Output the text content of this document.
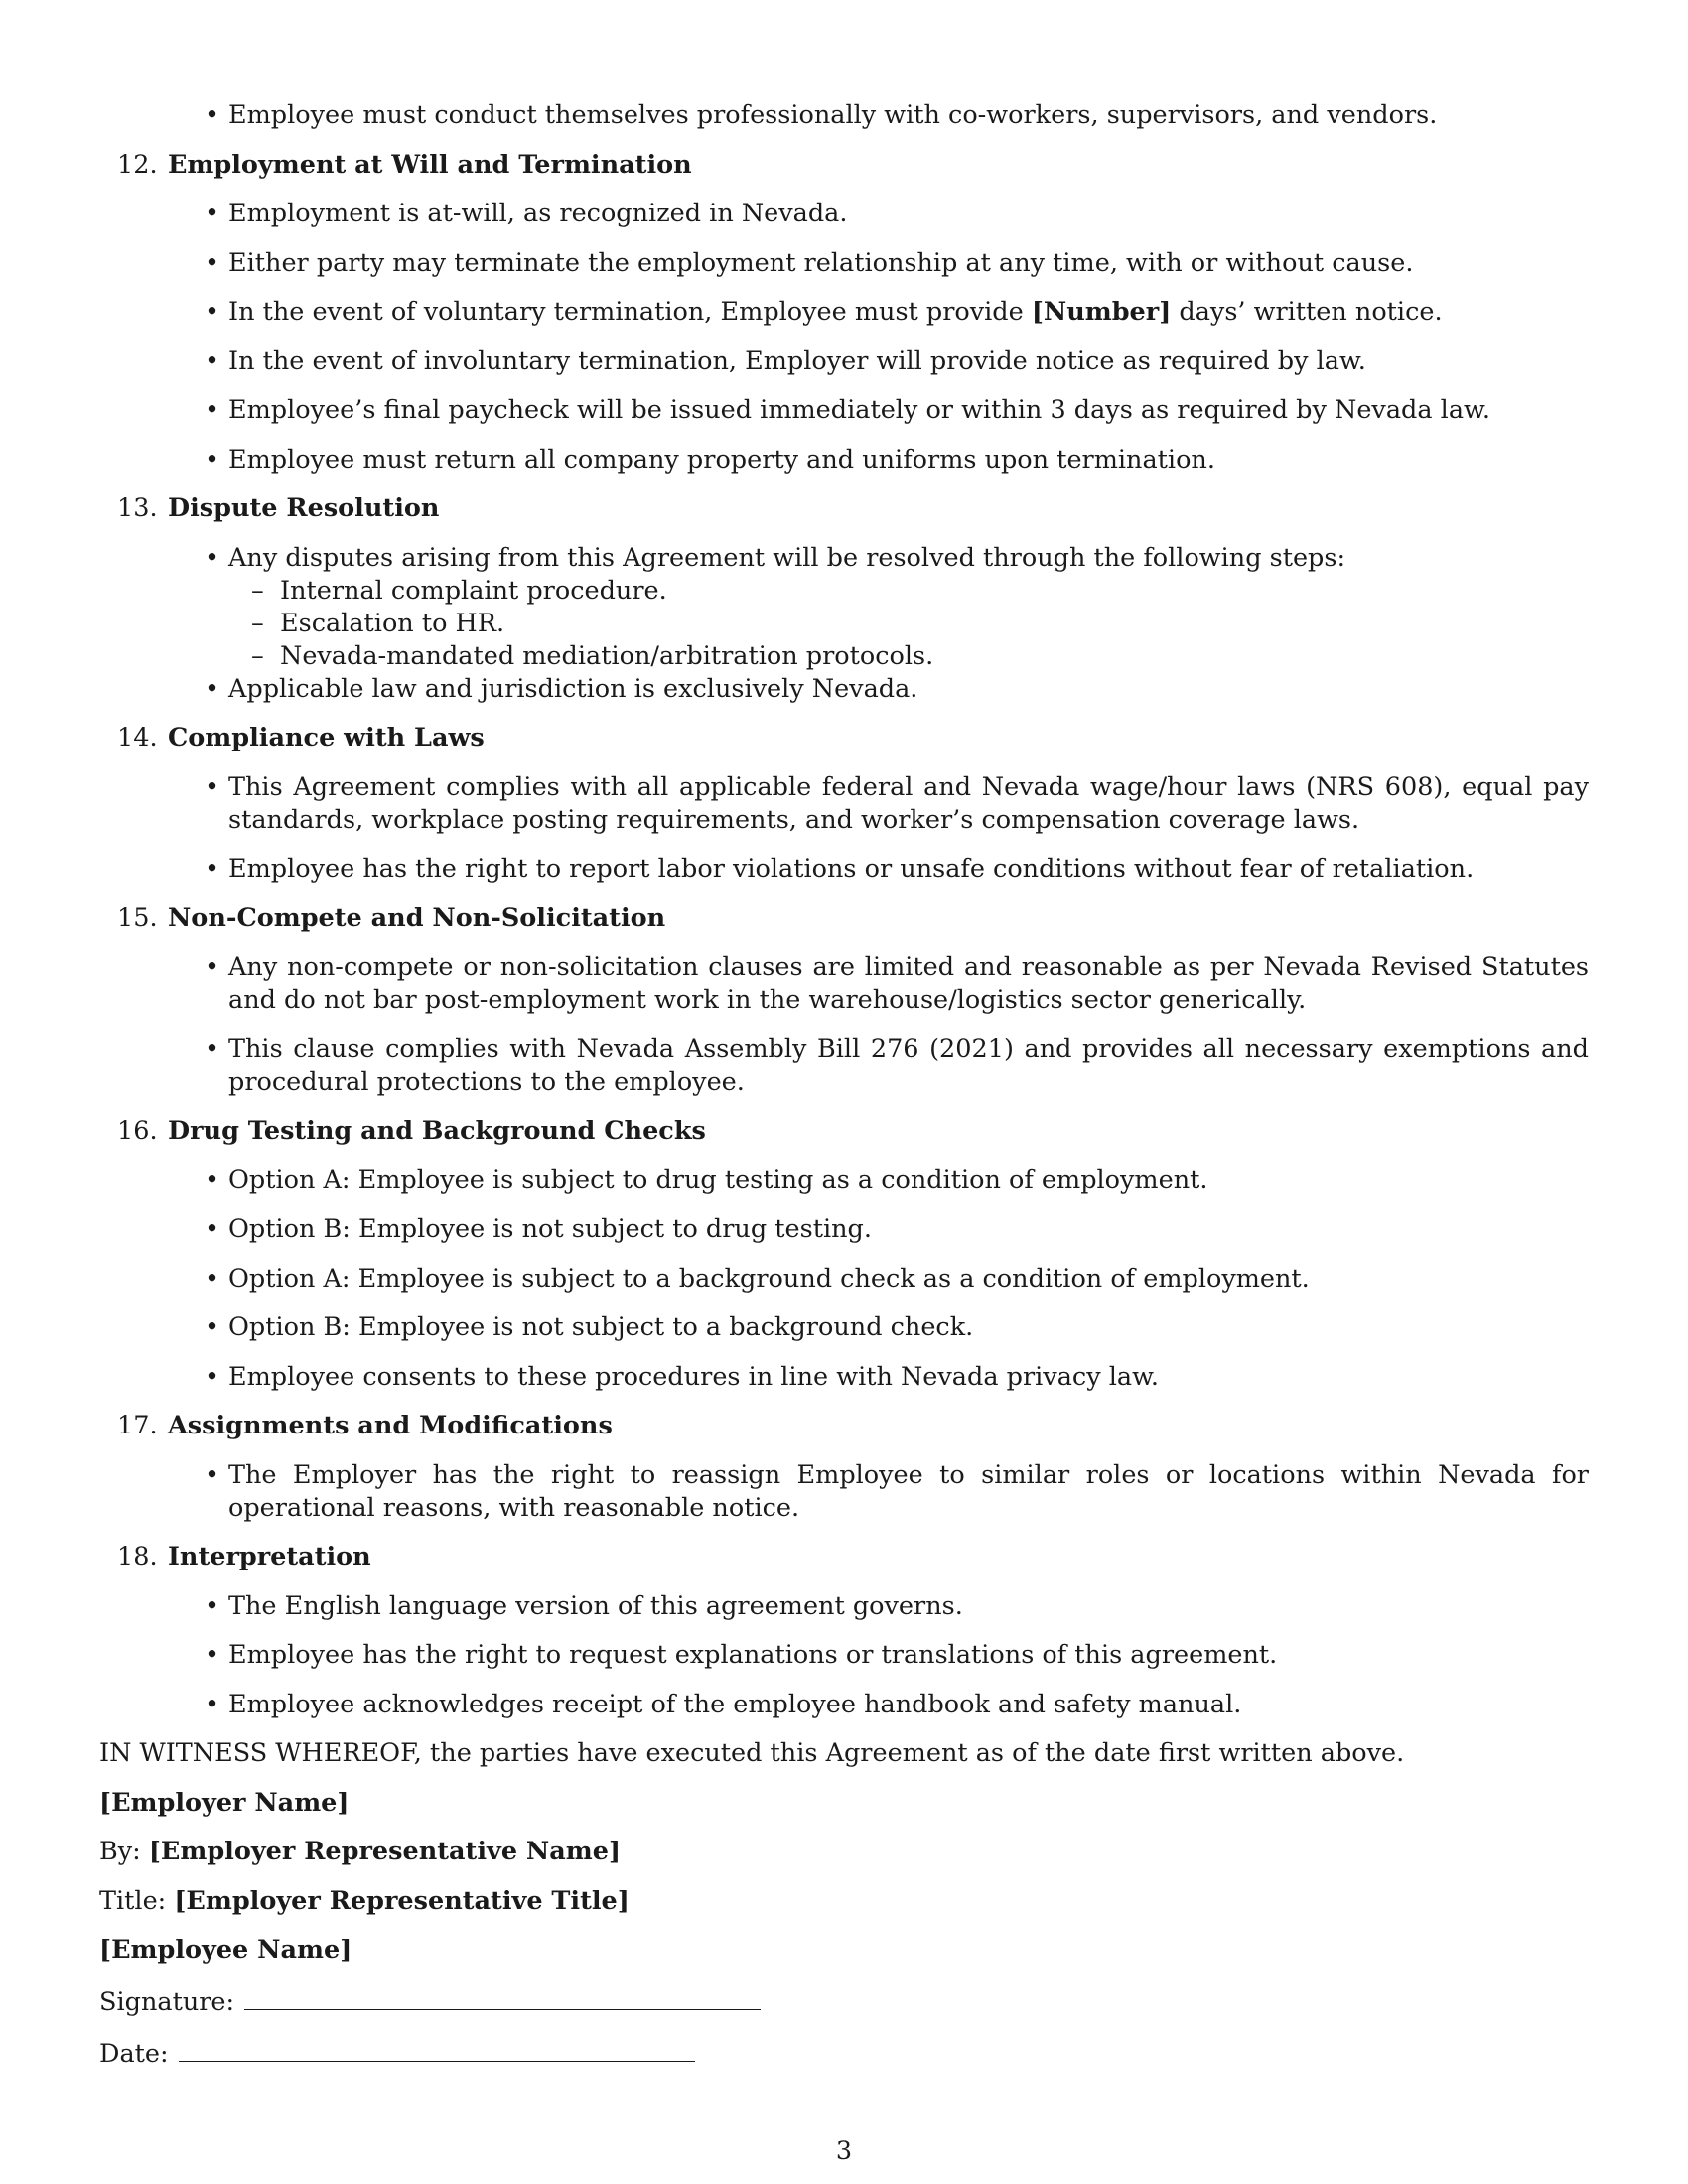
• Employee must conduct themselves professionally with co-workers, supervisors, and vendors.

12. Employment at Will and Termination

• Employment is at-will, as recognized in Nevada.

• Either party may terminate the employment relationship at any time, with or without cause.

• In the event of voluntary termination, Employee must provide [Number] days’ written notice.

• In the event of involuntary termination, Employer will provide notice as required by law.

• Employee’s final paycheck will be issued immediately or within 3 days as required by Nevada law.

• Employee must return all company property and uniforms upon termination.

13. Dispute Resolution

• Any disputes arising from this Agreement will be resolved through the following steps:

– Internal complaint procedure.

– Escalation to HR.

– Nevada-mandated mediation/arbitration protocols.

• Applicable law and jurisdiction is exclusively Nevada.

14. Compliance with Laws

• This Agreement complies with all applicable federal and Nevada wage/hour laws (NRS 608), equal pay standards, workplace posting requirements, and worker’s compensation coverage laws.

• Employee has the right to report labor violations or unsafe conditions without fear of retaliation.

15. Non-Compete and Non-Solicitation

• Any non-compete or non-solicitation clauses are limited and reasonable as per Nevada Revised Statutes and do not bar post-employment work in the warehouse/logistics sector generically.

• This clause complies with Nevada Assembly Bill 276 (2021) and provides all necessary exemptions and procedural protections to the employee.

16. Drug Testing and Background Checks

• Option A: Employee is subject to drug testing as a condition of employment.

• Option B: Employee is not subject to drug testing.

• Option A: Employee is subject to a background check as a condition of employment.

• Option B: Employee is not subject to a background check.

• Employee consents to these procedures in line with Nevada privacy law.

17. Assignments and Modifications

• The Employer has the right to reassign Employee to similar roles or locations within Nevada for operational reasons, with reasonable notice.

18. Interpretation

• The English language version of this agreement governs.

• Employee has the right to request explanations or translations of this agreement.

• Employee acknowledges receipt of the employee handbook and safety manual.

IN WITNESS WHEREOF, the parties have executed this Agreement as of the date first written above.

[Employer Name]

By: [Employer Representative Name]

Title: [Employer Representative Title]

[Employee Name]

Signature:

Date:

3
